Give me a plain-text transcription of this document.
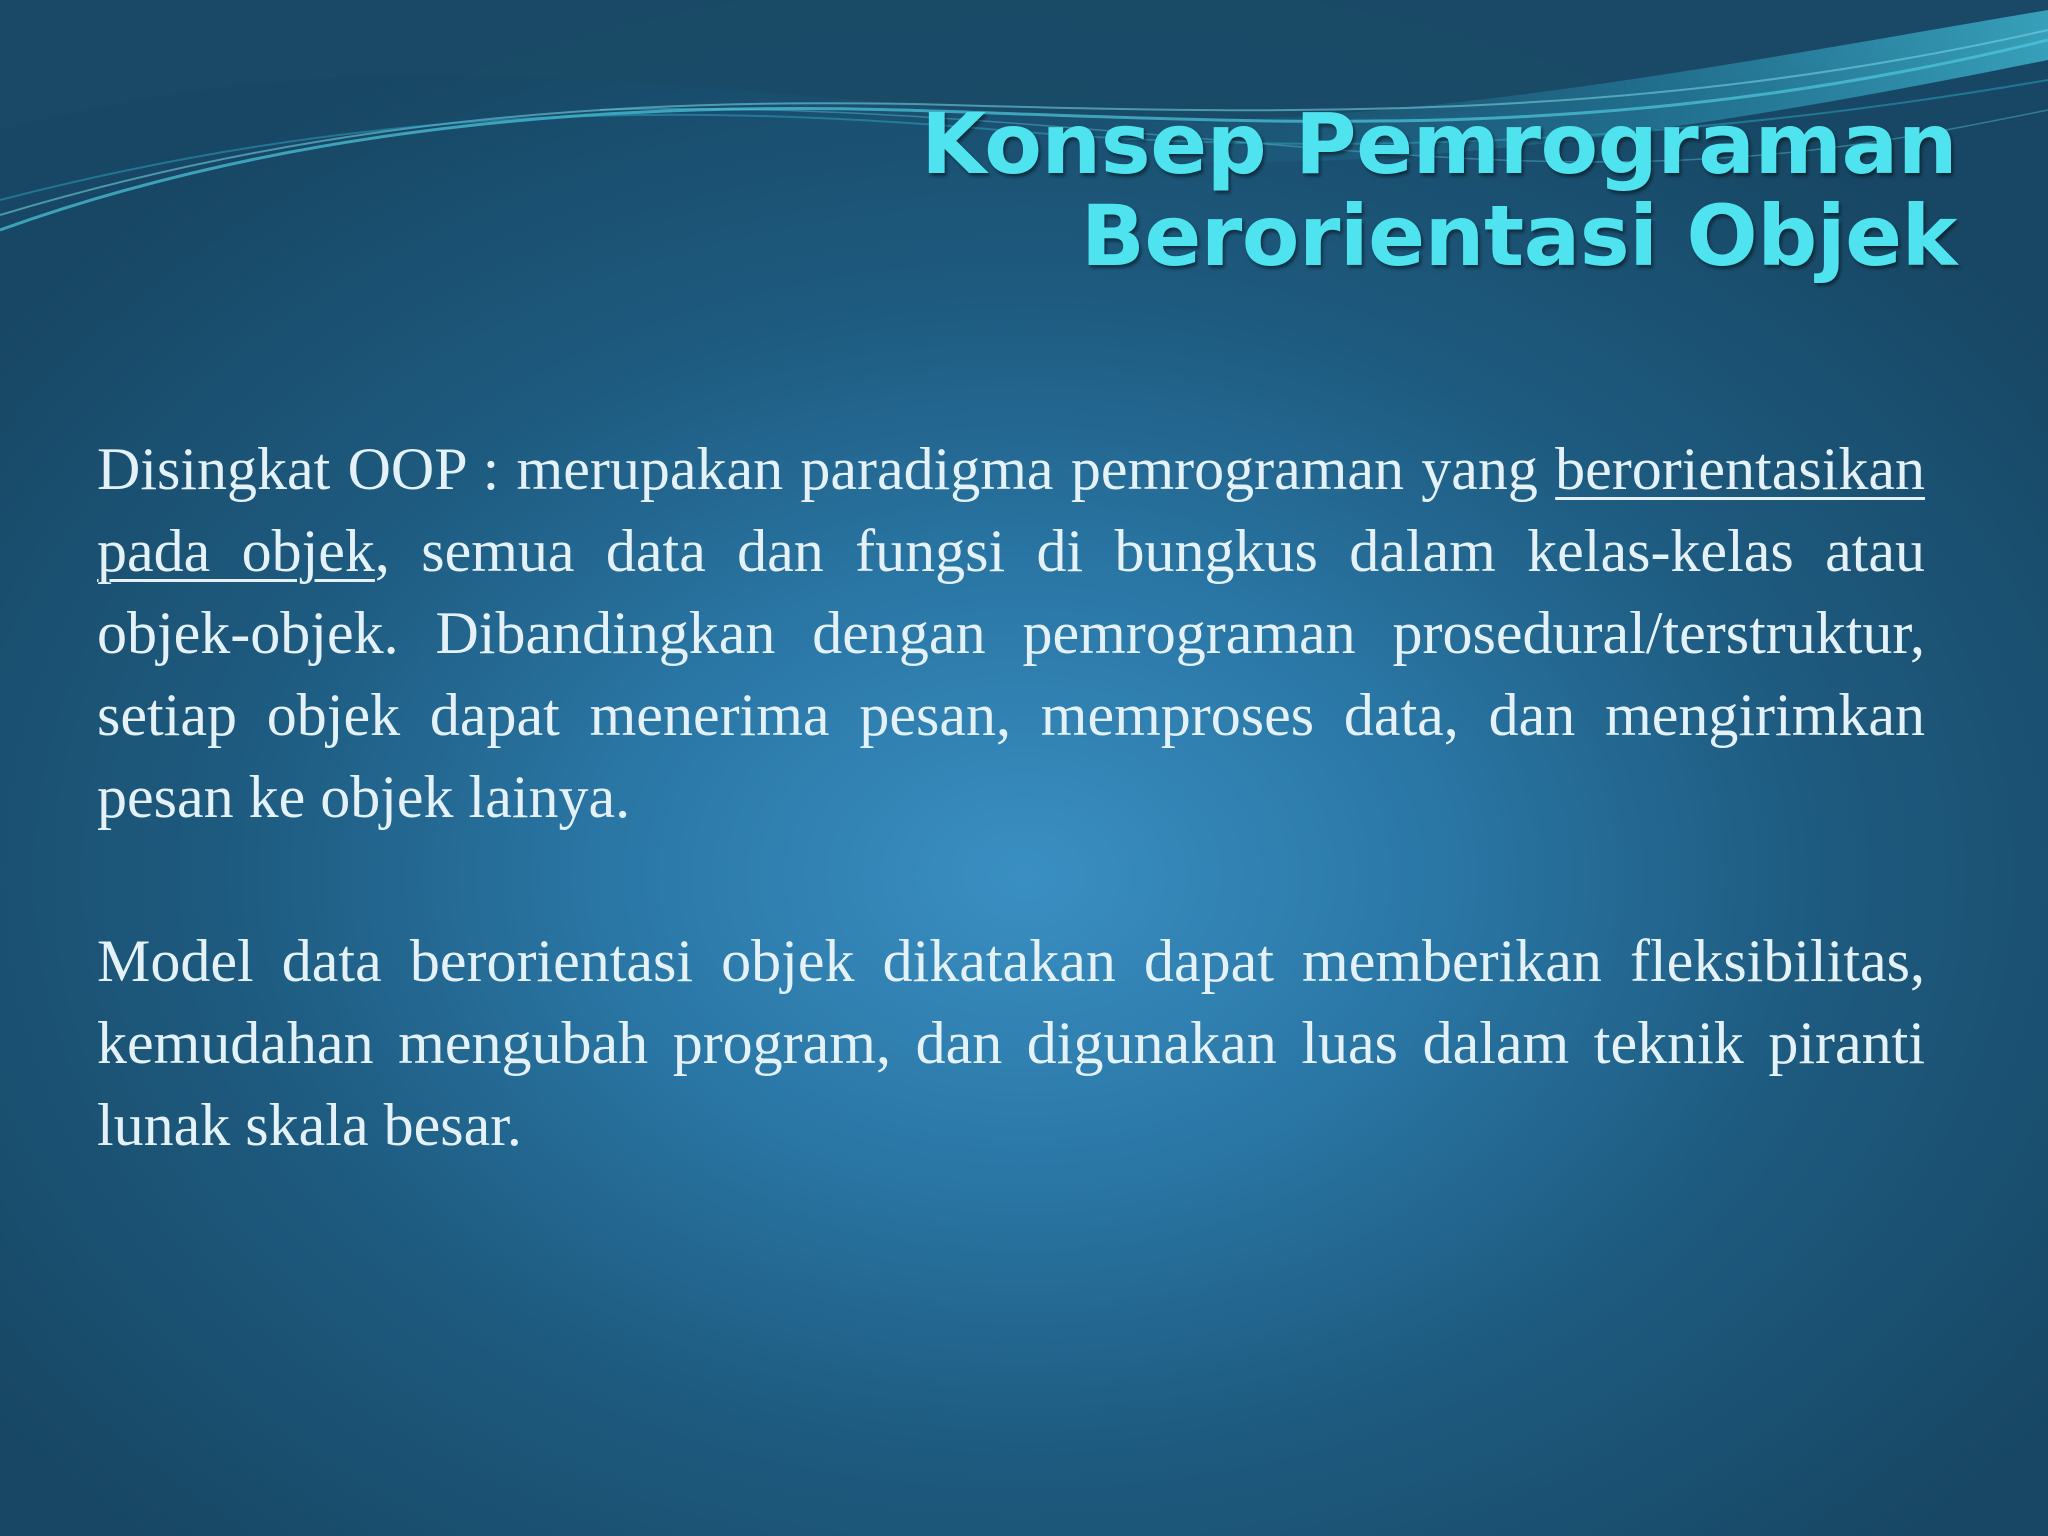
Konsep Pemrograman
Berorientasi Objek

Disingkat OOP : merupakan paradigma pemrograman yang berorientasikan pada objek, semua data dan fungsi di bungkus dalam kelas-kelas atau objek-objek. Dibandingkan dengan pemrograman prosedural/terstruktur, setiap objek dapat menerima pesan, memproses data, dan mengirimkan pesan ke objek lainya.

Model data berorientasi objek dikatakan dapat memberikan fleksibilitas, kemudahan mengubah program, dan digunakan luas dalam teknik piranti lunak skala besar.
